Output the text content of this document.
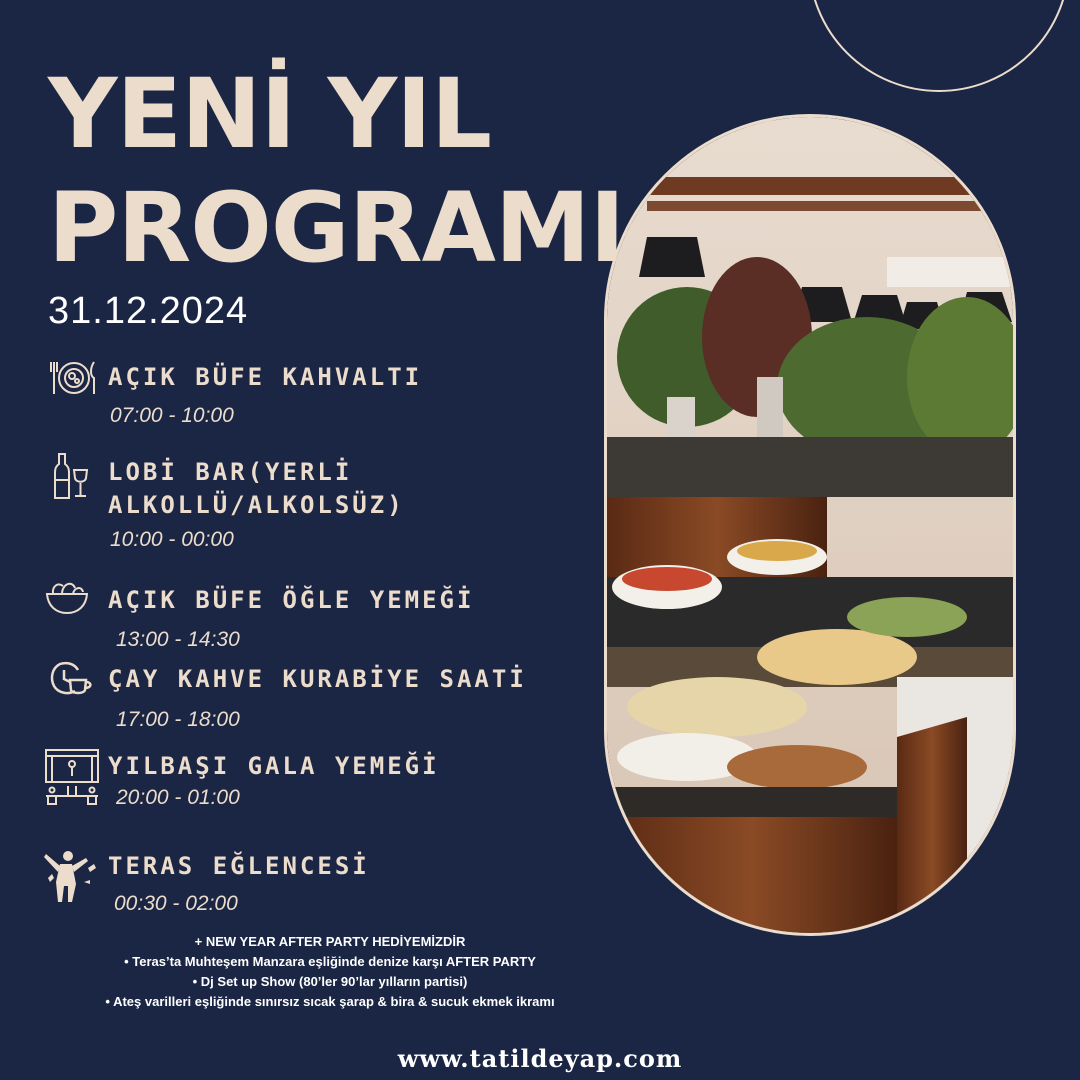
YENİ YIL
PROGRAMI
31.12.2024
AÇIK BÜFE KAHVALTI
07:00 - 10:00
LOBİ BAR(YERLİ
ALKOLLÜ/ALKOLSÜZ)
10:00 - 00:00
AÇIK BÜFE ÖĞLE YEMEĞİ
13:00 - 14:30
ÇAY KAHVE KURABİYE SAATİ
17:00 - 18:00
YILBAŞI GALA YEMEĞİ
20:00 - 01:00
TERAS EĞLENCESİ
00:30 - 02:00
+ NEW YEAR AFTER PARTY HEDİYEMİZDİR
• Teras’ta Muhteşem Manzara eşliğinde denize karşı AFTER PARTY
• Dj Set up Show (80’ler 90’lar yılların partisi)
• Ateş varilleri eşliğinde sınırsız sıcak şarap & bira & sucuk ekmek ikramı
www.tatildeyap.com
